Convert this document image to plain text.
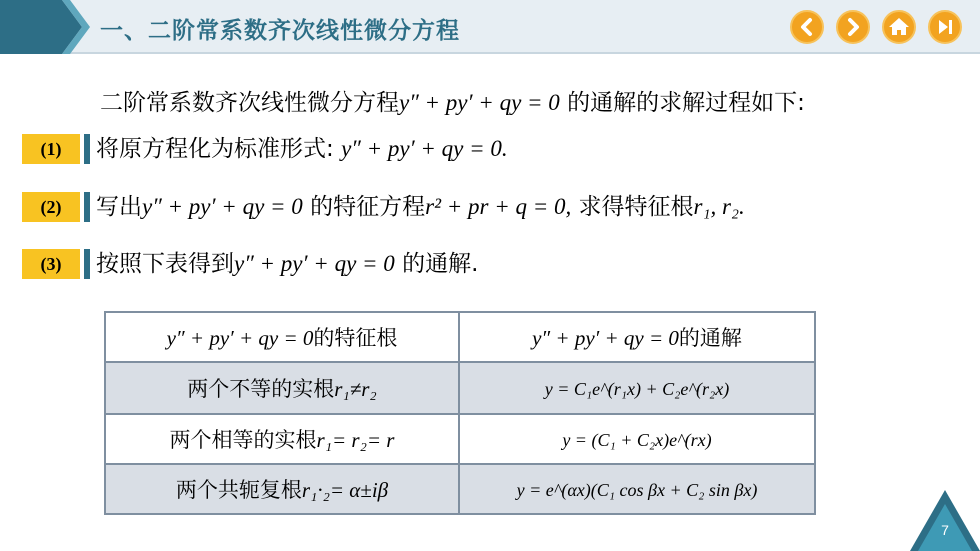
一、二阶常系数齐次线性微分方程
二阶常系数齐次线性微分方程y″ + py′ + qy = 0 的通解的求解过程如下:
(1)	将原方程化为标准形式: y″ + py′ + qy = 0.
(2)	写出y″ + py′ + qy = 0 的特征方程r² + pr + q = 0, 求得特征根r₁, r₂.
(3)	按照下表得到y″ + py′ + qy = 0 的通解.
y″ + py′ + qy = 0的特征根	y″ + py′ + qy = 0的通解
两个不等的实根r₁≠r₂	y = C₁e^(r₁x) + C₂e^(r₂x)
两个相等的实根r₁= r₂= r	y = (C₁ + C₂x)e^(rx)
两个共轭复根r₁·₂= α±iβ	y = e^(αx)(C₁ cos βx + C₂ sin βx)
7
